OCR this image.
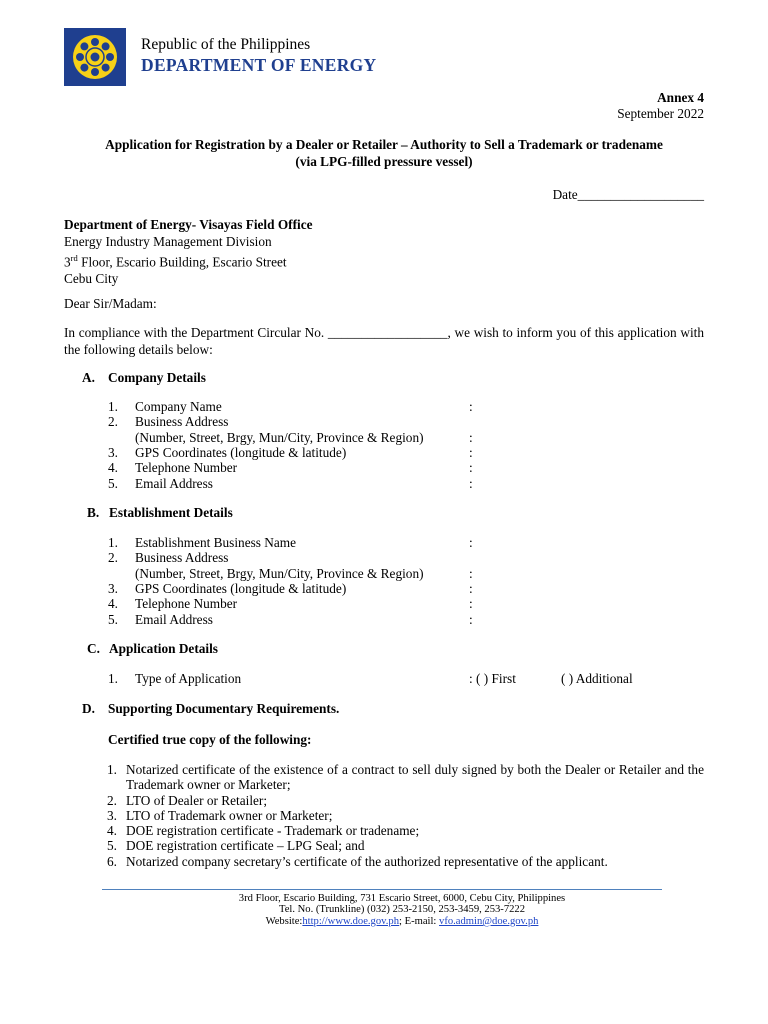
Republic of the Philippines
DEPARTMENT OF ENERGY
Annex 4
September 2022
Application for Registration by a Dealer or Retailer – Authority to Sell a Trademark or tradename
(via LPG-filled pressure vessel)
Date___________________
Department of Energy- Visayas Field Office
Energy Industry Management Division
3rd Floor, Escario Building, Escario Street
Cebu City
Dear Sir/Madam:
In compliance with the Department Circular No. __________________, we wish to inform you of this application with the following details below:
A. Company Details
1. Company Name	:
2. Business Address
(Number, Street, Brgy, Mun/City, Province & Region)	:
3. GPS Coordinates (longitude & latitude)	:
4. Telephone Number	:
5. Email Address	:
B. Establishment Details
1. Establishment Business Name	:
2. Business Address
(Number, Street, Brgy, Mun/City, Province & Region)	:
3. GPS Coordinates (longitude & latitude)	:
4. Telephone Number	:
5. Email Address	:
C. Application Details
1. Type of Application	: ( ) First	( ) Additional
D. Supporting Documentary Requirements.
Certified true copy of the following:
1. Notarized certificate of the existence of a contract to sell duly signed by both the Dealer or Retailer and the Trademark owner or Marketer;
2. LTO of Dealer or Retailer;
3. LTO of Trademark owner or Marketer;
4. DOE registration certificate - Trademark or tradename;
5. DOE registration certificate – LPG Seal; and
6. Notarized company secretary’s certificate of the authorized representative of the applicant.
3rd Floor, Escario Building, 731 Escario Street, 6000, Cebu City, Philippines
Tel. No. (Trunkline) (032) 253-2150, 253-3459, 253-7222
Website:http://www.doe.gov.ph; E-mail: vfo.admin@doe.gov.ph
